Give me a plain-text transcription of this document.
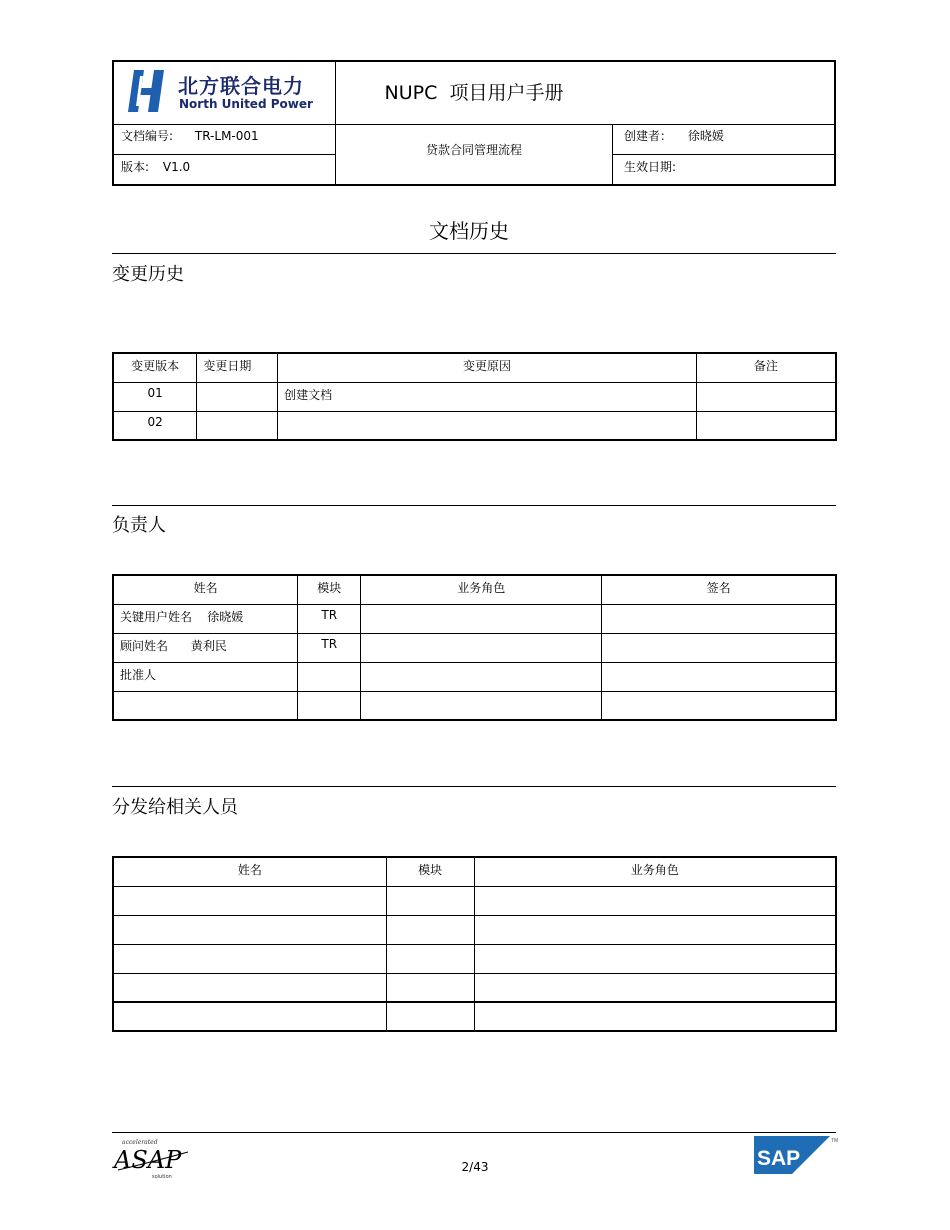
北方联合电力
North United Power	NUPC  项目用户手册
文档编号: TR-LM-001
版本: V1.0
贷款合同管理流程
创建者： 徐晓媛
生效日期:
文档历史
变更历史
变更版本	变更日期	变更原因	备注
01		创建文档	
02			
负责人
姓名	模块	业务角色	签名
关键用户姓名    徐晓媛	TR		
顾问姓名      黄利民	TR		
批准人			

分发给相关人员
姓名	模块	业务角色

accelerated
ASAP
solution
2/43	SAP
TM
